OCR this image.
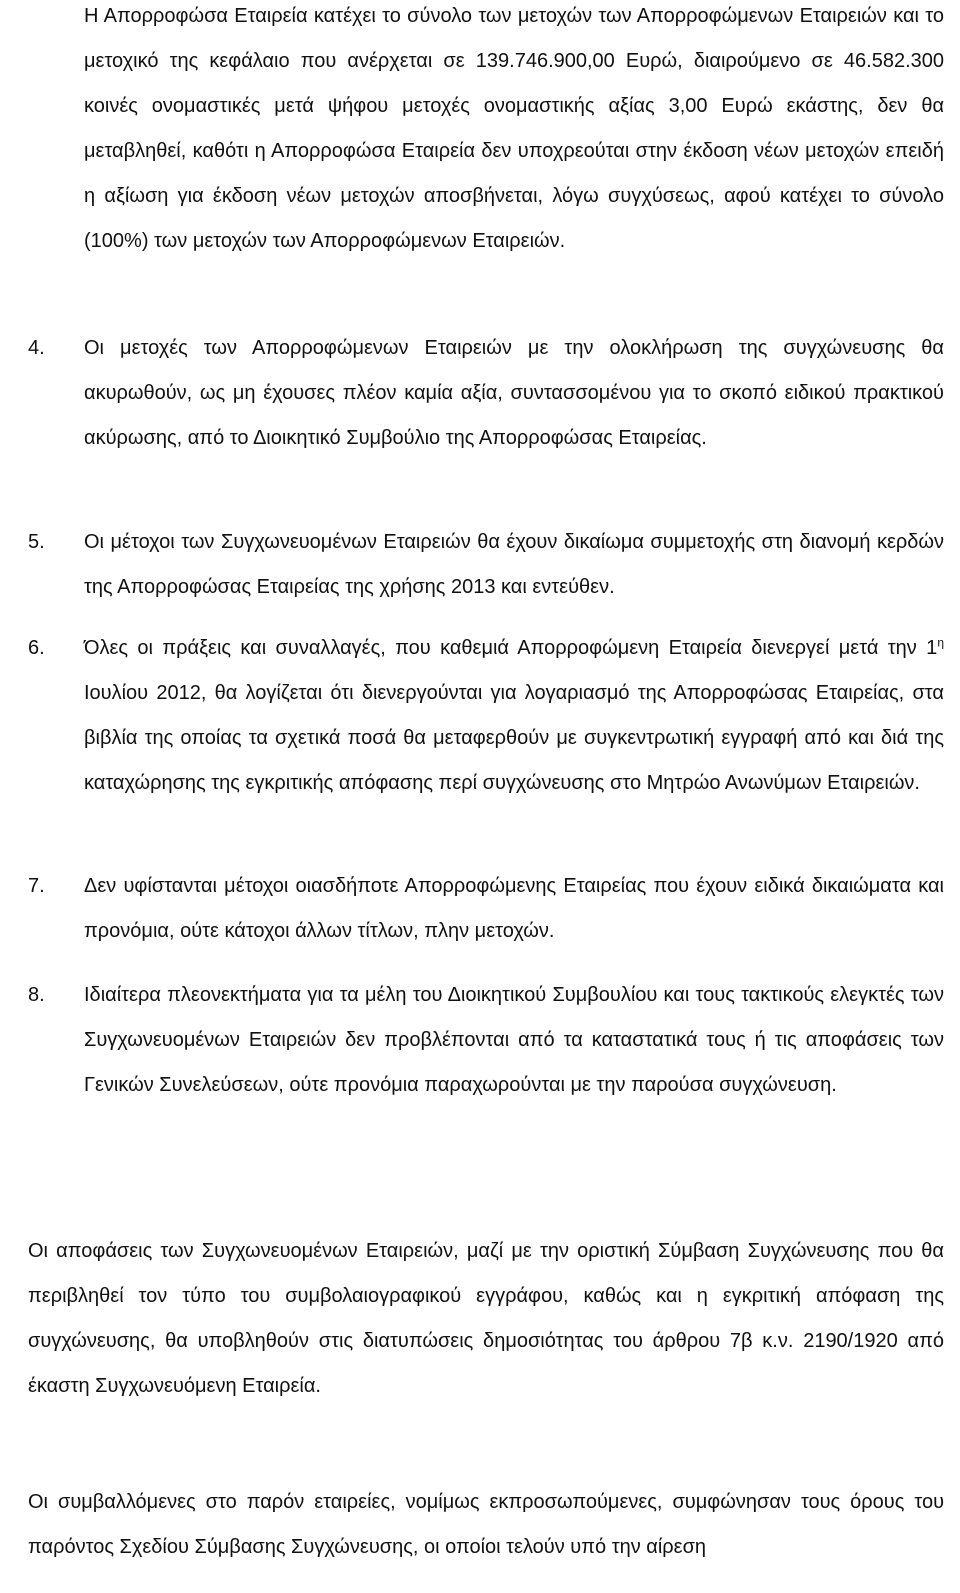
Η Απορροφώσα Εταιρεία κατέχει το σύνολο των μετοχών των Απορροφώμενων Εταιρειών και το μετοχικό της κεφάλαιο που ανέρχεται σε 139.746.900,00 Ευρώ, διαιρούμενο σε 46.582.300 κοινές ονομαστικές μετά ψήφου μετοχές ονομαστικής αξίας 3,00 Ευρώ εκάστης, δεν θα μεταβληθεί, καθότι η Απορροφώσα Εταιρεία δεν υποχρεούται στην έκδοση νέων μετοχών επειδή η αξίωση για έκδοση νέων μετοχών αποσβήνεται, λόγω συγχύσεως, αφού κατέχει το σύνολο (100%) των μετοχών των Απορροφώμενων Εταιρειών.

4.	Οι μετοχές των Απορροφώμενων Εταιρειών με την ολοκλήρωση της συγχώνευσης θα ακυρωθούν, ως μη έχουσες πλέον καμία αξία, συντασσομένου για το σκοπό ειδικού πρακτικού ακύρωσης, από το Διοικητικό Συμβούλιο της Απορροφώσας Εταιρείας.

5.	Οι μέτοχοι των Συγχωνευομένων Εταιρειών θα έχουν δικαίωμα συμμετοχής στη διανομή κερδών της Απορροφώσας Εταιρείας της χρήσης 2013 και εντεύθεν.

6.	Όλες οι πράξεις και συναλλαγές, που καθεμιά Απορροφώμενη Εταιρεία διενεργεί μετά την $1^\eta$ Ιουλίου 2012, θα λογίζεται ότι διενεργούνται για λογαριασμό της Απορροφώσας Εταιρείας, στα βιβλία της οποίας τα σχετικά ποσά θα μεταφερθούν με συγκεντρωτική εγγραφή από και διά της καταχώρησης της εγκριτικής απόφασης περί συγχώνευσης στο Μητρώο Ανωνύμων Εταιρειών.

7.	Δεν υφίστανται μέτοχοι οιασδήποτε Απορροφώμενης Εταιρείας που έχουν ειδικά δικαιώματα και προνόμια, ούτε κάτοχοι άλλων τίτλων, πλην μετοχών.

8.	Ιδιαίτερα πλεονεκτήματα για τα μέλη του Διοικητικού Συμβουλίου και τους τακτικούς ελεγκτές των Συγχωνευομένων Εταιρειών δεν προβλέπονται από τα καταστατικά τους ή τις αποφάσεις των Γενικών Συνελεύσεων, ούτε προνόμια παραχωρούνται με την παρούσα συγχώνευση.

Οι αποφάσεις των Συγχωνευομένων Εταιρειών, μαζί με την οριστική Σύμβαση Συγχώνευσης που θα περιβληθεί τον τύπο του συμβολαιογραφικού εγγράφου, καθώς και η εγκριτική απόφαση της συγχώνευσης, θα υποβληθούν στις διατυπώσεις δημοσιότητας του άρθρου 7β κ.ν. 2190/1920 από έκαστη Συγχωνευόμενη Εταιρεία.

Οι συμβαλλόμενες στο παρόν εταιρείες, νομίμως εκπροσωπούμενες, συμφώνησαν τους όρους του παρόντος Σχεδίου Σύμβασης Συγχώνευσης, οι οποίοι τελούν υπό την αίρεση
